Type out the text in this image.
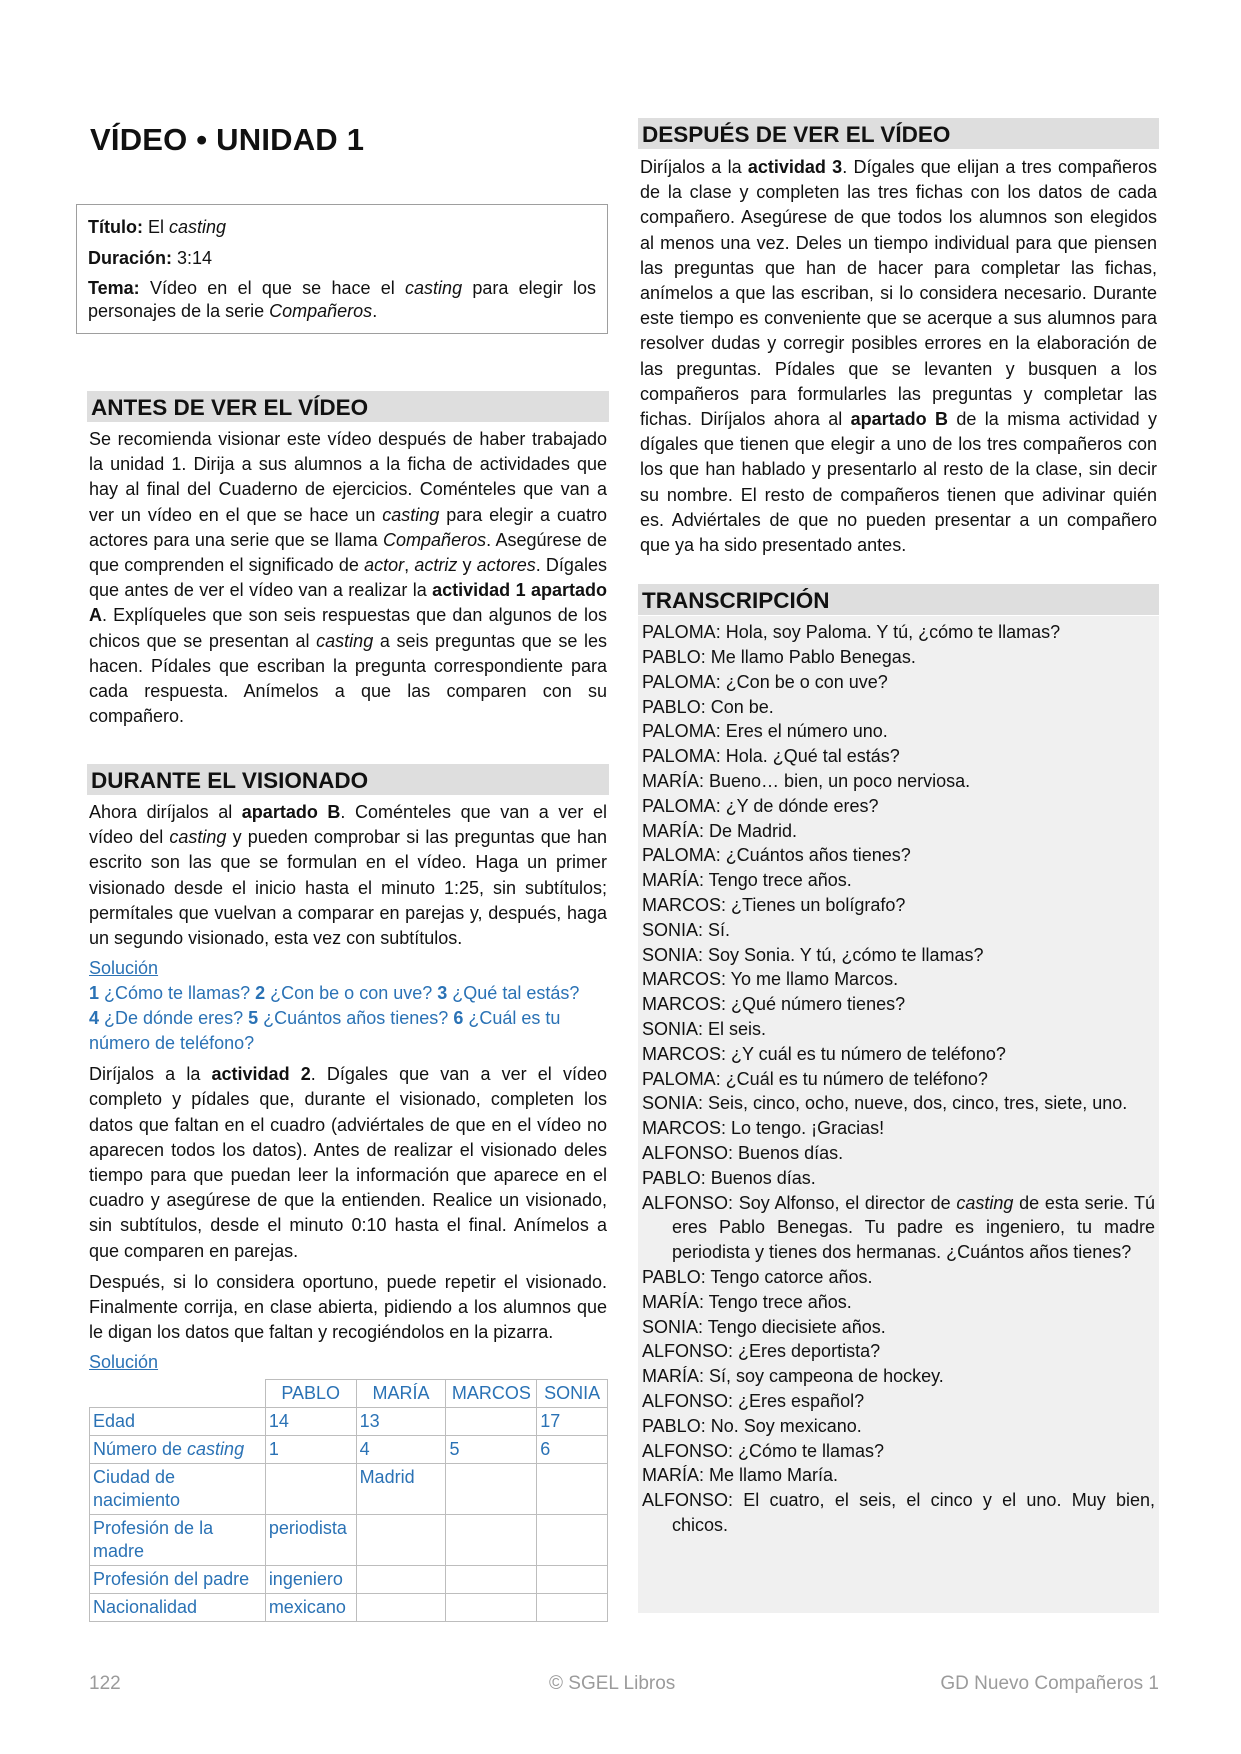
VÍDEO • UNIDAD 1

Título: El casting

Duración: 3:14

Tema: Vídeo en el que se hace el casting para elegir los personajes de la serie Compañeros.

ANTES DE VER EL VÍDEO

Se recomienda visionar este vídeo después de haber trabajado la unidad 1. Dirija a sus alumnos a la ficha de actividades que hay al final del Cuaderno de ejercicios. Coménteles que van a ver un vídeo en el que se hace un casting para elegir a cuatro actores para una serie que se llama Compañeros. Asegúrese de que comprenden el significado de actor, actriz y actores. Dígales que antes de ver el vídeo van a realizar la actividad 1 apartado A. Explíqueles que son seis respuestas que dan algunos de los chicos que se presentan al casting a seis preguntas que se les hacen. Pídales que escriban la pregunta correspondiente para cada respuesta. Anímelos a que las comparen con su compañero.

DURANTE EL VISIONADO

Ahora diríjalos al apartado B. Coménteles que van a ver el vídeo del casting y pueden comprobar si las preguntas que han escrito son las que se formulan en el vídeo. Haga un primer visionado desde el inicio hasta el minuto 1:25, sin subtítulos; permítales que vuelvan a comparar en parejas y, después, haga un segundo visionado, esta vez con subtítulos.

Solución

1 ¿Cómo te llamas? 2 ¿Con be o con uve? 3 ¿Qué tal estás?
4 ¿De dónde eres? 5 ¿Cuántos años tienes? 6 ¿Cuál es tu número de teléfono?

Diríjalos a la actividad 2. Dígales que van a ver el vídeo completo y pídales que, durante el visionado, completen los datos que faltan en el cuadro (adviértales de que en el vídeo no aparecen todos los datos). Antes de realizar el visionado deles tiempo para que puedan leer la información que aparece en el cuadro y asegúrese de que la entienden. Realice un visionado, sin subtítulos, desde el minuto 0:10 hasta el final. Anímelos a que comparen en parejas.

Después, si lo considera oportuno, puede repetir el visionado. Finalmente corrija, en clase abierta, pidiendo a los alumnos que le digan los datos que faltan y recogiéndolos en la pizarra.

Solución
	PABLO	MARÍA	MARCOS	SONIA
Edad	14	13		17
Número de casting	1	4	5	6
Ciudad de nacimiento		Madrid		
Profesión de la madre	periodista			
Profesión del padre	ingeniero			
Nacionalidad	mexicano			
DESPUÉS DE VER EL VÍDEO

Diríjalos a la actividad 3. Dígales que elijan a tres compañeros de la clase y completen las tres fichas con los datos de cada compañero. Asegúrese de que todos los alumnos son elegidos al menos una vez. Deles un tiempo individual para que piensen las preguntas que han de hacer para completar las fichas, anímelos a que las escriban, si lo considera necesario. Durante este tiempo es conveniente que se acerque a sus alumnos para resolver dudas y corregir posibles errores en la elaboración de las preguntas. Pídales que se levanten y busquen a los compañeros para formularles las preguntas y completar las fichas. Diríjalos ahora al apartado B de la misma actividad y dígales que tienen que elegir a uno de los tres compañeros con los que han hablado y presentarlo al resto de la clase, sin decir su nombre. El resto de compañeros tienen que adivinar quién es. Adviértales de que no pueden presentar a un compañero que ya ha sido presentado antes.

TRANSCRIPCIÓN
PALOMA: Hola, soy Paloma. Y tú, ¿cómo te llamas?
PABLO: Me llamo Pablo Benegas.
PALOMA: ¿Con be o con uve?
PABLO: Con be.
PALOMA: Eres el número uno.
PALOMA: Hola. ¿Qué tal estás?
MARÍA: Bueno… bien, un poco nerviosa.
PALOMA: ¿Y de dónde eres?
MARÍA: De Madrid.
PALOMA: ¿Cuántos años tienes?
MARÍA: Tengo trece años.
MARCOS: ¿Tienes un bolígrafo?
SONIA: Sí.
SONIA: Soy Sonia. Y tú, ¿cómo te llamas?
MARCOS: Yo me llamo Marcos.
MARCOS: ¿Qué número tienes?
SONIA: El seis.
MARCOS: ¿Y cuál es tu número de teléfono?
PALOMA: ¿Cuál es tu número de teléfono?
SONIA: Seis, cinco, ocho, nueve, dos, cinco, tres, siete, uno.
MARCOS: Lo tengo. ¡Gracias!
ALFONSO: Buenos días.
PABLO: Buenos días.
ALFONSO: Soy Alfonso, el director de casting de esta serie. Tú eres Pablo Benegas. Tu padre es ingeniero, tu madre periodista y tienes dos hermanas. ¿Cuántos años tienes?
PABLO: Tengo catorce años.
MARÍA: Tengo trece años.
SONIA: Tengo diecisiete años.
ALFONSO: ¿Eres deportista?
MARÍA: Sí, soy campeona de hockey.
ALFONSO: ¿Eres español?
PABLO: No. Soy mexicano.
ALFONSO: ¿Cómo te llamas?
MARÍA: Me llamo María.
ALFONSO: El cuatro, el seis, el cinco y el uno. Muy bien, chicos.
122	© SGEL Libros	GD Nuevo Compañeros 1
